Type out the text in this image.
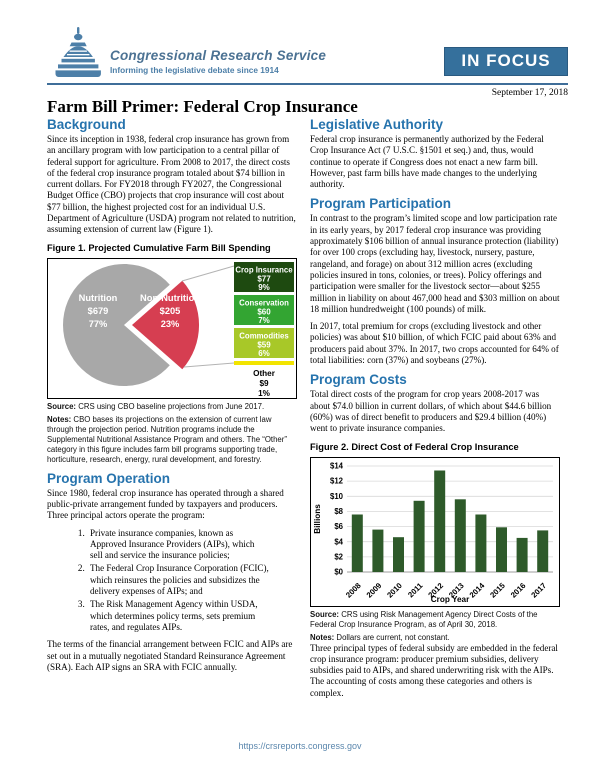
Congressional Research Service
Informing the legislative debate since 1914	IN FOCUS
September 17, 2018
Farm Bill Primer: Federal Crop Insurance
Background

Since its inception in 1938, federal crop insurance has grown from an ancillary program with low participation to a central pillar of federal support for agriculture. From 2008 to 2017, the direct costs of the federal crop insurance program totaled about $74 billion in current dollars. For FY2018 through FY2027, the Congressional Budget Office (CBO) projects that crop insurance will cost about $77 billion, the highest projected cost for an individual U.S. Department of Agriculture (USDA) program not related to nutrition, assuming extension of current law (Figure 1).

Figure 1. Projected Cumulative Farm Bill Spending
Nutrition
$679
77%
Non-Nutrition
$205
23%
Crop Insurance
$77
9%
Conservation
$60
7%
Commodities
$59
6%
Other
$9
1%

Source: CRS using CBO baseline projections from June 2017.

Notes: CBO bases its projections on the extension of current law through the projection period. Nutrition programs include the Supplemental Nutritional Assistance Program and others. The “Other” category in this figure includes farm bill programs supporting trade, horticulture, research, energy, rural development, and forestry.

Program Operation

Since 1980, federal crop insurance has operated through a shared public-private arrangement funded by taxpayers and producers. Three principal actors operate the program:

1. Private insurance companies, known as Approved Insurance Providers (AIPs), which sell and service the insurance policies;
2. The Federal Crop Insurance Corporation (FCIC), which reinsures the policies and subsidizes the delivery expenses of AIPs; and
3. The Risk Management Agency within USDA, which determines policy terms, sets premium rates, and regulates AIPs.

The terms of the financial arrangement between FCIC and AIPs are set out in a mutually negotiated Standard Reinsurance Agreement (SRA). Each AIP signs an SRA with FCIC annually.

Legislative Authority

Federal crop insurance is permanently authorized by the Federal Crop Insurance Act (7 U.S.C. §1501 et seq.) and, thus, would continue to operate if Congress does not enact a new farm bill. However, past farm bills have made changes to the underlying authority.

Program Participation

In contrast to the program’s limited scope and low participation rate in its early years, by 2017 federal crop insurance was providing approximately $106 billion of annual insurance protection (liability) for over 100 crops (excluding hay, livestock, nursery, pasture, rangeland, and forage) on about 312 million acres (excluding policies insured in tons, colonies, or trees). Policy offerings and participation were smaller for the livestock sector—about $255 million in liability on about 467,000 head and $303 million on about 18 million hundredweight (100 pounds) of milk.

In 2017, total premium for crops (excluding livestock and other policies) was about $10 billion, of which FCIC paid about 63% and producers paid about 37%. In 2017, two crops accounted for 64% of total liabilities: corn (37%) and soybeans (27%).

Program Costs

Total direct costs of the program for crop years 2008-2017 was about $74.0 billion in current dollars, of which about $44.6 billion (60%) was of direct benefit to producers and $29.4 billion (40%) went to private insurance companies.

Figure 2. Direct Cost of Federal Crop Insurance
Crop Year
Billions
$0
$2
$4
$6
$8
$10
$12
$14
2008 2009 2010 2011 2012 2013 2014 2015 2016 2017

Source: CRS using Risk Management Agency Direct Costs of the Federal Crop Insurance Program, as of April 30, 2018.

Notes: Dollars are current, not constant.

Three principal types of federal subsidy are embedded in the federal crop insurance program: producer premium subsidies, delivery subsidies paid to AIPs, and shared underwriting risk with the AIPs. The accounting of costs among these categories and others is complex.

https://crsreports.congress.gov
